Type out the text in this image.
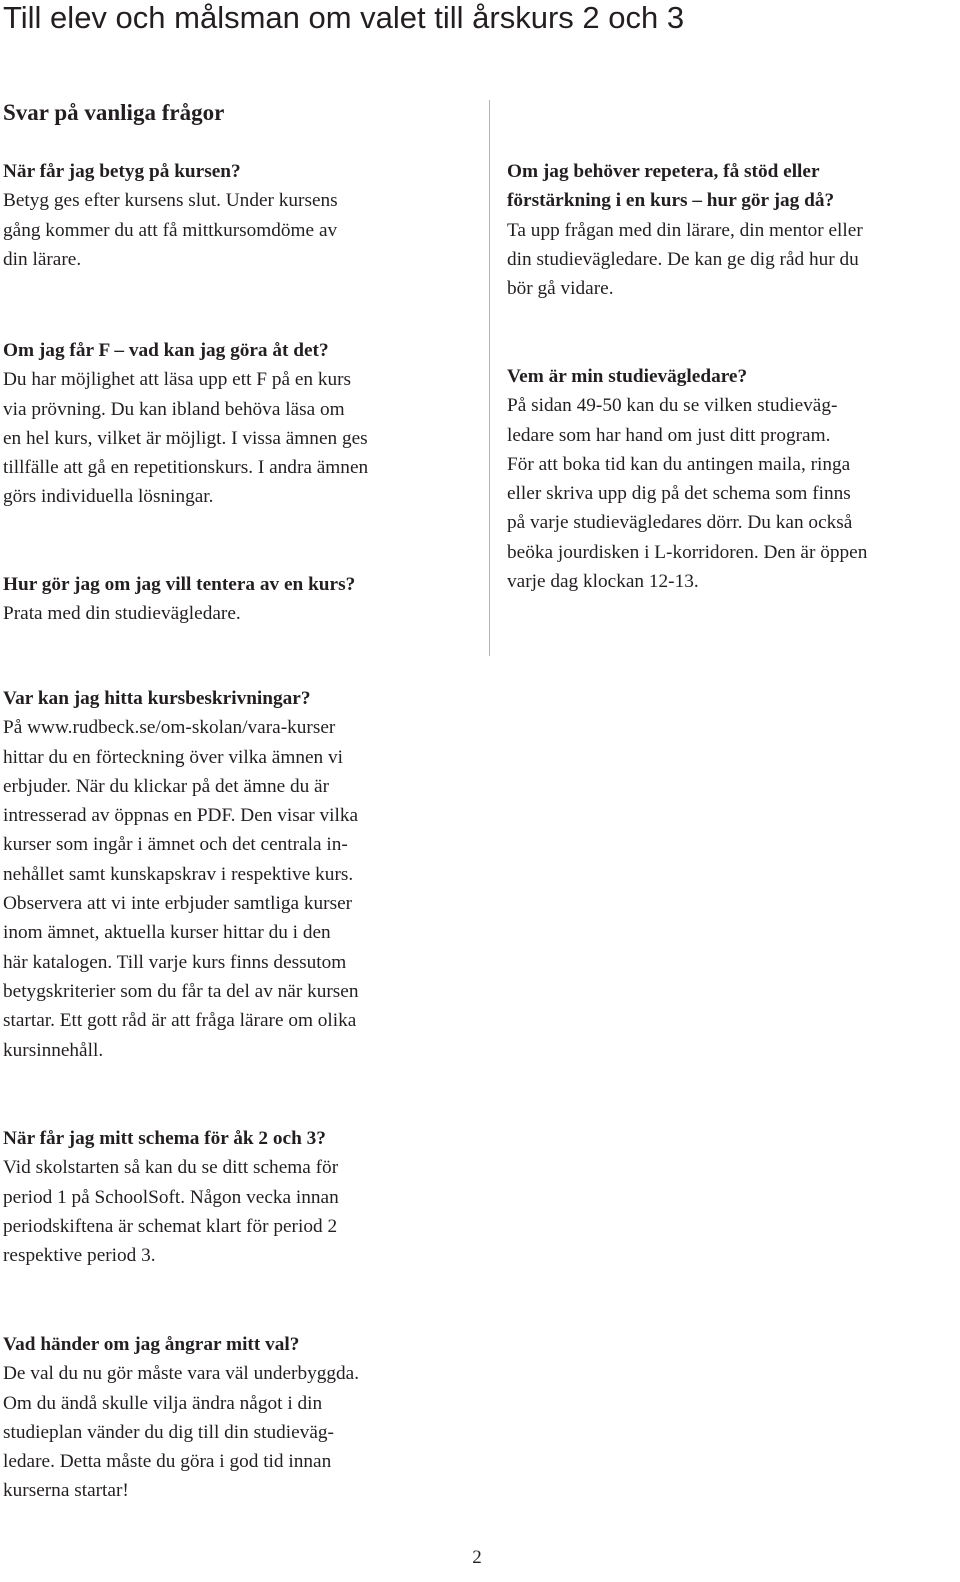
Till elev och målsman om valet till årskurs 2 och 3
Svar på vanliga frågor
När får jag betyg på kursen?
Betyg ges efter kursens slut. Under kursens
gång kommer du att få mittkursomdöme av
din lärare.
Om jag får F – vad kan jag göra åt det?
Du har möjlighet att läsa upp ett F på en kurs
via prövning. Du kan ibland behöva läsa om
en hel kurs, vilket är möjligt. I vissa ämnen ges
tillfälle att gå en repetitionskurs. I andra ämnen
görs individuella lösningar.
Hur gör jag om jag vill tentera av en kurs?
Prata med din studievägledare.
Om jag behöver repetera, få stöd eller
förstärkning i en kurs – hur gör jag då?
Ta upp frågan med din lärare, din mentor eller
din studievägledare. De kan ge dig råd hur du
bör gå vidare.
Vem är min studievägledare?
På sidan 49-50 kan du se vilken studieväg-
ledare som har hand om just ditt program.
För att boka tid kan du antingen maila, ringa
eller skriva upp dig på det schema som finns
på varje studievägledares dörr. Du kan också
beöka jourdisken i L-korridoren. Den är öppen
varje dag klockan 12-13.
Var kan jag hitta kursbeskrivningar?
På www.rudbeck.se/om-skolan/vara-kurser
hittar du en förteckning över vilka ämnen vi
erbjuder. När du klickar på det ämne du är
intresserad av öppnas en PDF. Den visar vilka
kurser som ingår i ämnet och det centrala in-
nehållet samt kunskapskrav i respektive kurs.
Observera att vi inte erbjuder samtliga kurser
inom ämnet, aktuella kurser hittar du i den
här katalogen. Till varje kurs finns dessutom
betygskriterier som du får ta del av när kursen
startar. Ett gott råd är att fråga lärare om olika
kursinnehåll.
När får jag mitt schema för åk 2 och 3?
Vid skolstarten så kan du se ditt schema för
period 1 på SchoolSoft. Någon vecka innan
periodskiftena är schemat klart för period 2
respektive period 3.
Vad händer om jag ångrar mitt val?
De val du nu gör måste vara väl underbyggda.
Om du ändå skulle vilja ändra något i din
studieplan vänder du dig till din studieväg-
ledare. Detta måste du göra i god tid innan
kurserna startar!
2
